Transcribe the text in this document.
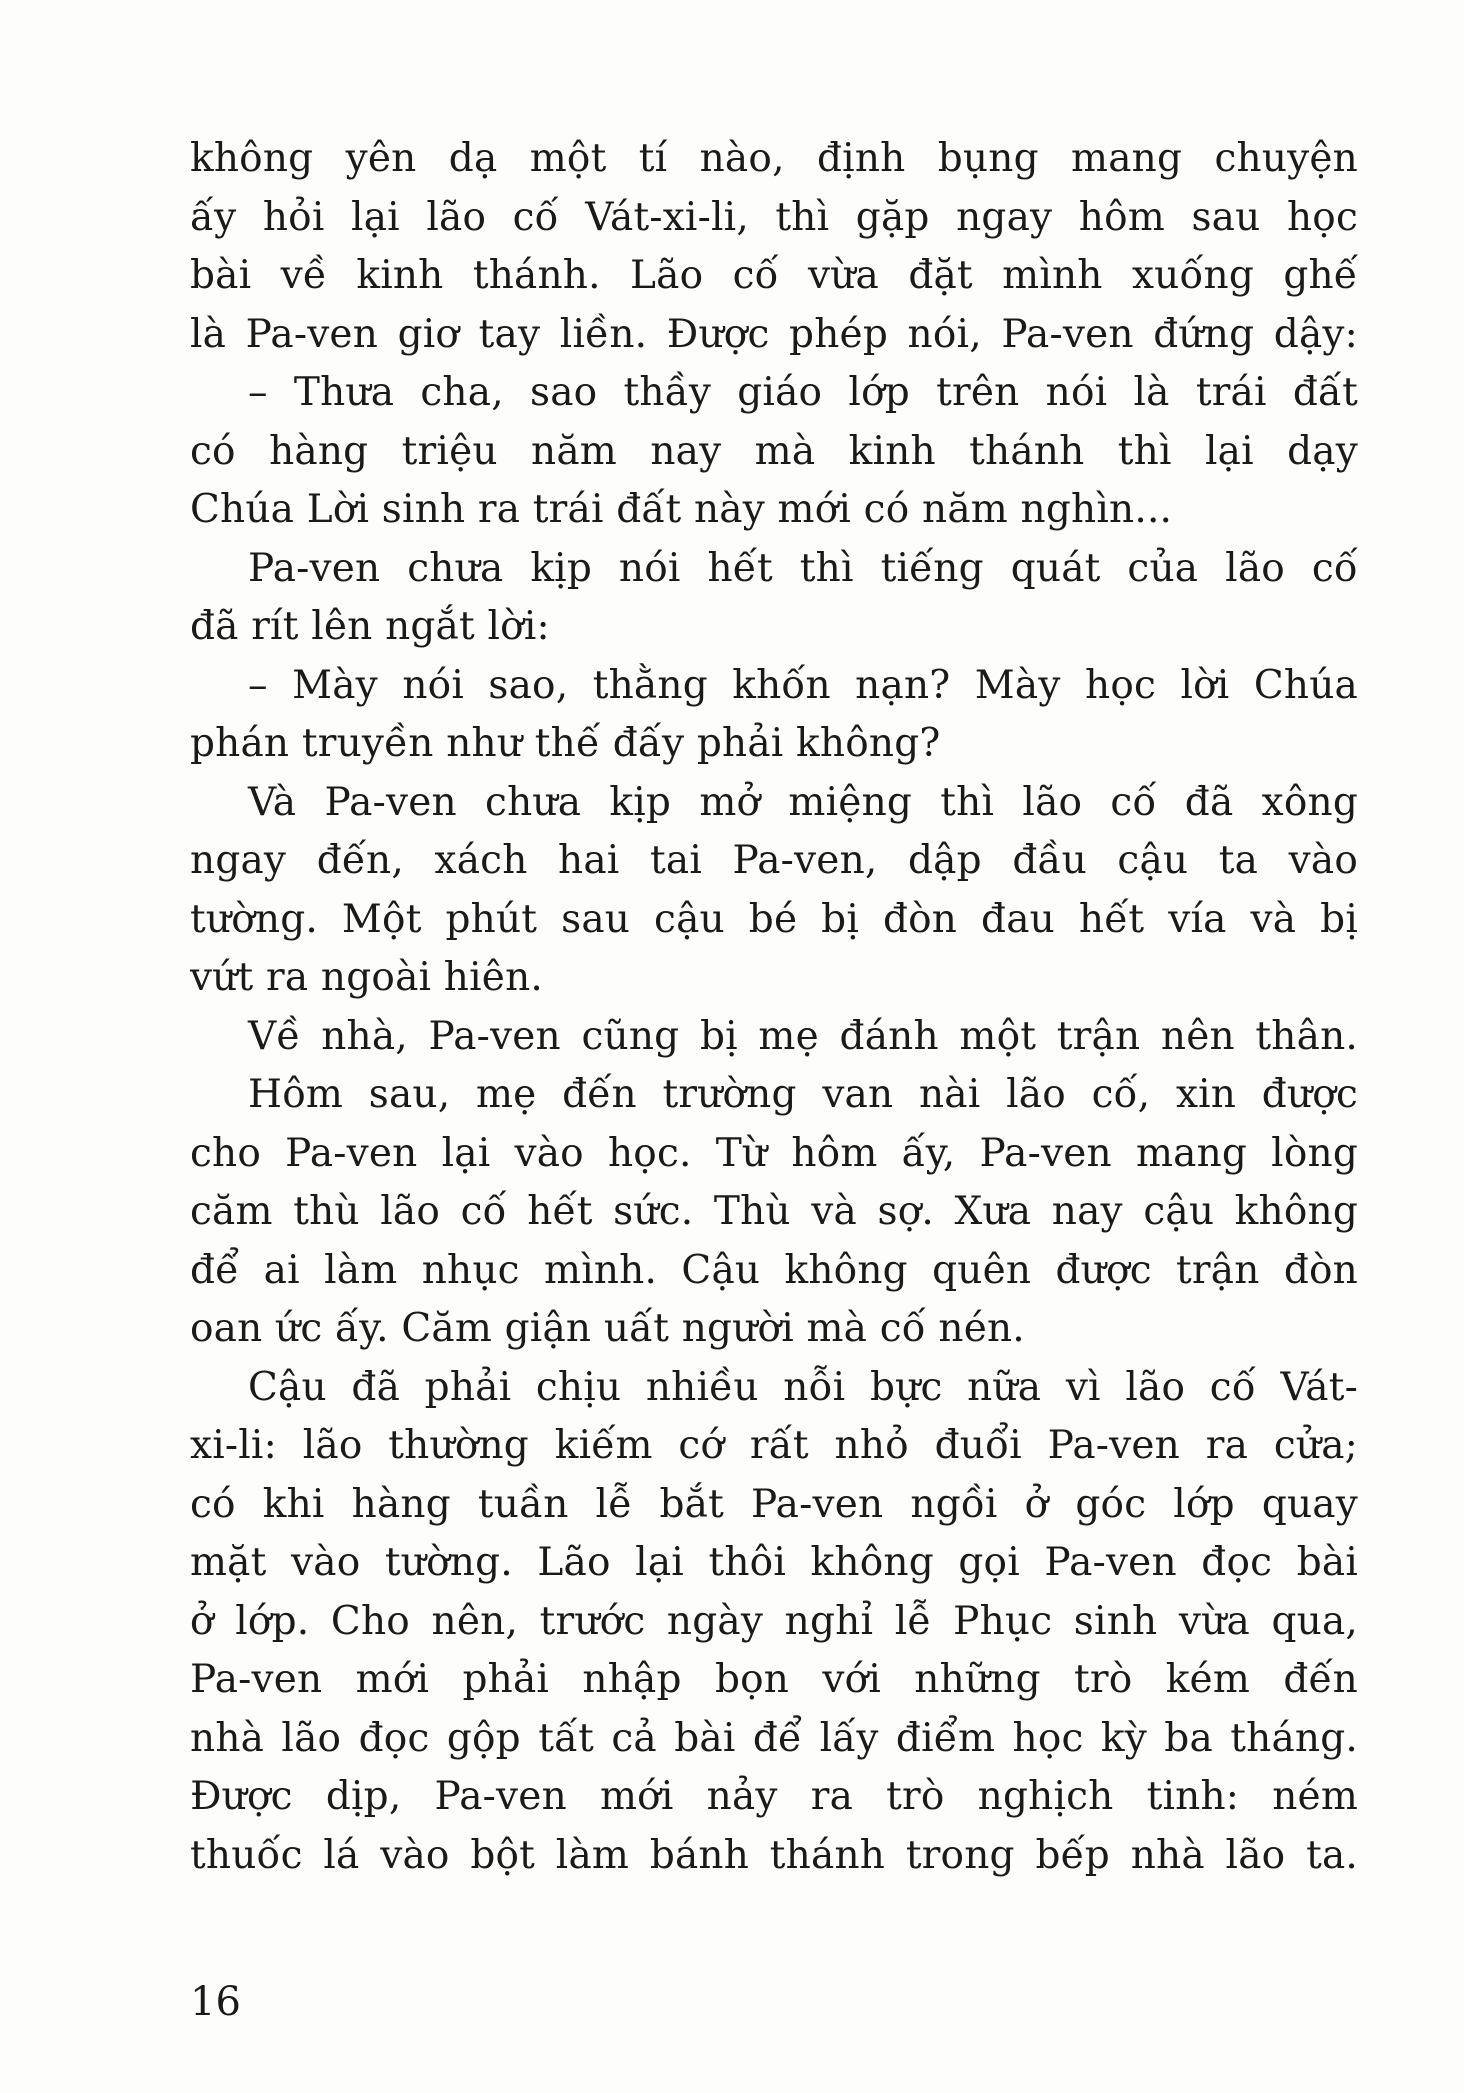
không yên dạ một tí nào, định bụng mang chuyện
ấy hỏi lại lão cố Vát-xi-li, thì gặp ngay hôm sau học
bài về kinh thánh. Lão cố vừa đặt mình xuống ghế
là Pa-ven giơ tay liền. Được phép nói, Pa-ven đứng dậy:
– Thưa cha, sao thầy giáo lớp trên nói là trái đất
có hàng triệu năm nay mà kinh thánh thì lại dạy
Chúa Lời sinh ra trái đất này mới có năm nghìn...
Pa-ven chưa kịp nói hết thì tiếng quát của lão cố
đã rít lên ngắt lời:
– Mày nói sao, thằng khốn nạn? Mày học lời Chúa
phán truyền như thế đấy phải không?
Và Pa-ven chưa kịp mở miệng thì lão cố đã xông
ngay đến, xách hai tai Pa-ven, dập đầu cậu ta vào
tường. Một phút sau cậu bé bị đòn đau hết vía và bị
vứt ra ngoài hiên.
Về nhà, Pa-ven cũng bị mẹ đánh một trận nên thân.
Hôm sau, mẹ đến trường van nài lão cố, xin được
cho Pa-ven lại vào học. Từ hôm ấy, Pa-ven mang lòng
căm thù lão cố hết sức. Thù và sợ. Xưa nay cậu không
để ai làm nhục mình. Cậu không quên được trận đòn
oan ức ấy. Căm giận uất người mà cố nén.
Cậu đã phải chịu nhiều nỗi bực nữa vì lão cố Vát-
xi-li: lão thường kiếm cớ rất nhỏ đuổi Pa-ven ra cửa;
có khi hàng tuần lễ bắt Pa-ven ngồi ở góc lớp quay
mặt vào tường. Lão lại thôi không gọi Pa-ven đọc bài
ở lớp. Cho nên, trước ngày nghỉ lễ Phục sinh vừa qua,
Pa-ven mới phải nhập bọn với những trò kém đến
nhà lão đọc gộp tất cả bài để lấy điểm học kỳ ba tháng.
Được dịp, Pa-ven mới nảy ra trò nghịch tinh: ném
thuốc lá vào bột làm bánh thánh trong bếp nhà lão ta.
16
